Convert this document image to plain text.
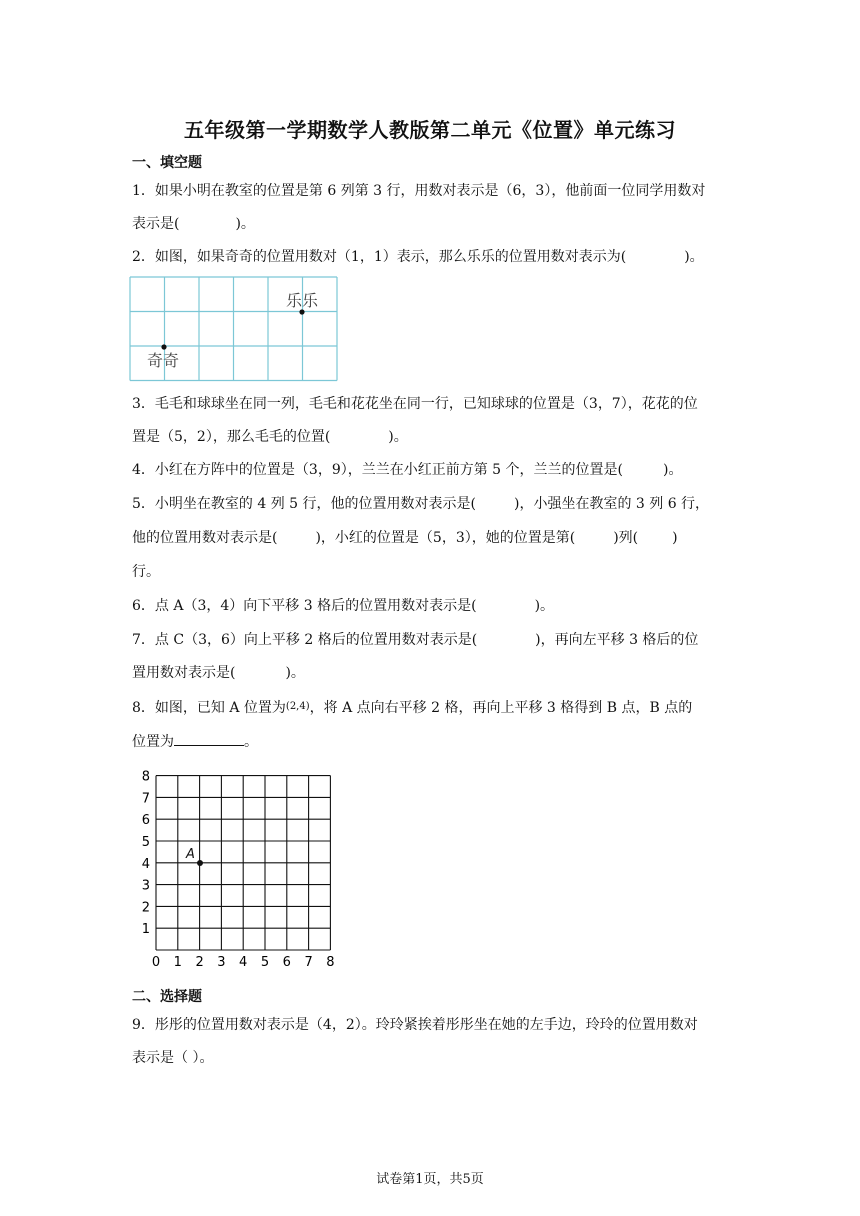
五年级第一学期数学人教版第二单元《位置》单元练习
一、填空题
1．如果小明在教室的位置是第 6 列第 3 行，用数对表示是（6，3），他前面一位同学用数对
表示是(	)。
2．如图，如果奇奇的位置用数对（1，1）表示，那么乐乐的位置用数对表示为(	)。
奇奇
乐乐
3．毛毛和球球坐在同一列，毛毛和花花坐在同一行，已知球球的位置是（3，7），花花的位
置是（5，2），那么毛毛的位置(	)。
4．小红在方阵中的位置是（3，9），兰兰在小红正前方第 5 个，兰兰的位置是(	)。
5．小明坐在教室的 4 列 5 行，他的位置用数对表示是(	)，小强坐在教室的 3 列 6 行，
他的位置用数对表示是(	)，小红的位置是（5，3），她的位置是第(	)列( )
行。
6．点 A（3，4）向下平移 3 格后的位置用数对表示是(	)。
7．点 C（3，6）向上平移 2 格后的位置用数对表示是(	)，再向左平移 3 格后的位
置用数对表示是(	)。
8．如图，已知 A 位置为$^{(2,4)}$，将 A 点向右平移 2 格，再向上平移 3 格得到 B 点，B 点的
位置为	。
0 1 2 3 4 5 6 7 8
1
2
3
4
5
6
7
8
A
二、选择题
9．彤彤的位置用数对表示是（4，2）。玲玲紧挨着彤彤坐在她的左手边，玲玲的位置用数对
表示是（ ）。
试卷第1页，共5页
